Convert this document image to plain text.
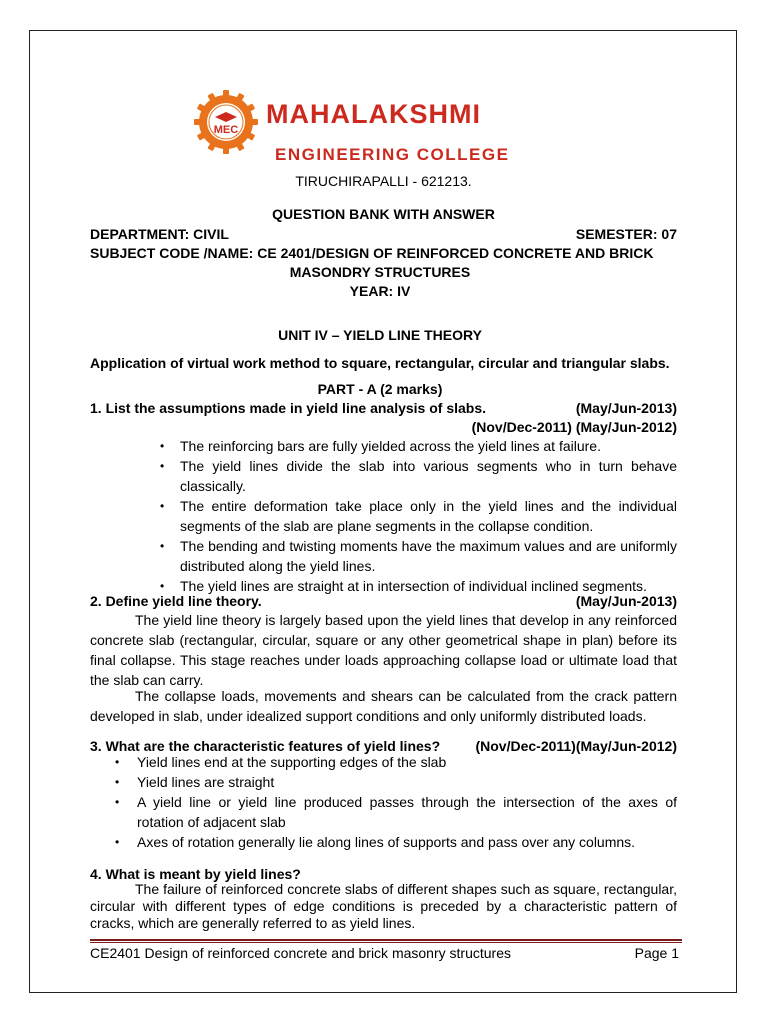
MEC
MAHALAKSHMI
ENGINEERING COLLEGE
TIRUCHIRAPALLI - 621213.
QUESTION BANK WITH ANSWER
DEPARTMENT: CIVIL	SEMESTER: 07
SUBJECT CODE /NAME: CE 2401/DESIGN OF REINFORCED CONCRETE AND BRICK
MASONDRY STRUCTURES
YEAR: IV
UNIT IV – YIELD LINE THEORY
Application of virtual work method to square, rectangular, circular and triangular slabs.
PART - A (2 marks)
1. List the assumptions made in yield line analysis of slabs.	(May/Jun-2013)
(Nov/Dec-2011) (May/Jun-2012)
• The reinforcing bars are fully yielded across the yield lines at failure.
• The yield lines divide the slab into various segments who in turn behave classically.
• The entire deformation take place only in the yield lines and the individual segments of the slab are plane segments in the collapse condition.
• The bending and twisting moments have the maximum values and are uniformly distributed along the yield lines.
• The yield lines are straight at in intersection of individual inclined segments.
2. Define yield line theory.	(May/Jun-2013)

The yield line theory is largely based upon the yield lines that develop in any reinforced concrete slab (rectangular, circular, square or any other geometrical shape in plan) before its final collapse. This stage reaches under loads approaching collapse load or ultimate load that the slab can carry.

The collapse loads, movements and shears can be calculated from the crack pattern developed in slab, under idealized support conditions and only uniformly distributed loads.

3. What are the characteristic features of yield lines?	(Nov/Dec-2011)(May/Jun-2012)
• Yield lines end at the supporting edges of the slab
• Yield lines are straight
• A yield line or yield line produced passes through the intersection of the axes of rotation of adjacent slab
• Axes of rotation generally lie along lines of supports and pass over any columns.
4. What is meant by yield lines?

The failure of reinforced concrete slabs of different shapes such as square, rectangular, circular with different types of edge conditions is preceded by a characteristic pattern of cracks, which are generally referred to as yield lines.

CE2401 Design of reinforced concrete and brick masonry structures	Page 1
